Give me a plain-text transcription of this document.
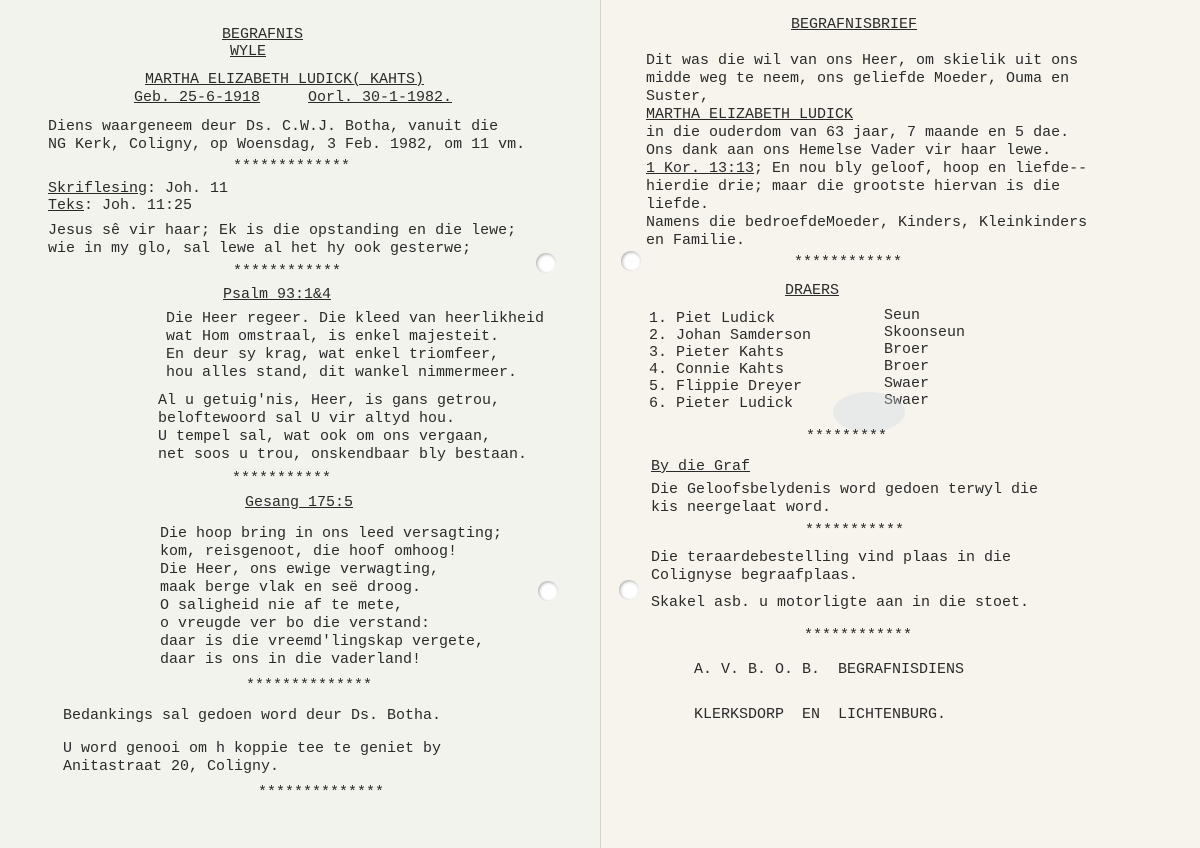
BEGRAFNIS
WYLE
MARTHA ELIZABETH LUDICK( KAHTS)
Geb. 25-6-1918	Oorl. 30-1-1982.
Diens waargeneem deur Ds. C.W.J. Botha, vanuit die
NG Kerk, Coligny, op Woensdag, 3 Feb. 1982, om 11 vm.
*************
Skriflesing: Joh. 11
Teks: Joh. 11:25
Jesus sê vir haar; Ek is die opstanding en die lewe;
wie in my glo, sal lewe al het hy ook gesterwe;
************
Psalm 93:1&4
Die Heer regeer. Die kleed van heerlikheid
wat Hom omstraal, is enkel majesteit.
En deur sy krag, wat enkel triomfeer,
hou alles stand, dit wankel nimmermeer.
Al u getuig'nis, Heer, is gans getrou,
beloftewoord sal U vir altyd hou.
U tempel sal, wat ook om ons vergaan,
net soos u trou, onskendbaar bly bestaan.
***********
Gesang 175:5
Die hoop bring in ons leed versagting;
kom, reisgenoot, die hoof omhoog!
Die Heer, ons ewige verwagting,
maak berge vlak en seë droog.
O saligheid nie af te mete,
o vreugde ver bo die verstand:
daar is die vreemd'lingskap vergete,
daar is ons in die vaderland!
**************
Bedankings sal gedoen word deur Ds. Botha.
U word genooi om h koppie tee te geniet by
Anitastraat 20, Coligny.
**************
BEGRAFNISBRIEF
Dit was die wil van ons Heer, om skielik uit ons
midde weg te neem, ons geliefde Moeder, Ouma en
Suster,
MARTHA ELIZABETH LUDICK
in die ouderdom van 63 jaar, 7 maande en 5 dae.
Ons dank aan ons Hemelse Vader vir haar lewe.
1 Kor. 13:13; En nou bly geloof, hoop en liefde--
hierdie drie; maar die grootste hiervan is die
liefde.
Namens die bedroefdeMoeder, Kinders, Kleinkinders
en Familie.
************
DRAERS
1. Piet Ludick	Seun
2. Johan Samderson	Skoonseun
3. Pieter Kahts	Broer
4. Connie Kahts	Broer
5. Flippie Dreyer	Swaer
6. Pieter Ludick	Swaer
*********
By die Graf
Die Geloofsbelydenis word gedoen terwyl die
kis neergelaat word.
***********
Die teraardebestelling vind plaas in die
Colignyse begraafplaas.
Skakel asb. u motorligte aan in die stoet.
************
A. V. B. O. B.  BEGRAFNISDIENS
KLERKSDORP  EN  LICHTENBURG.
